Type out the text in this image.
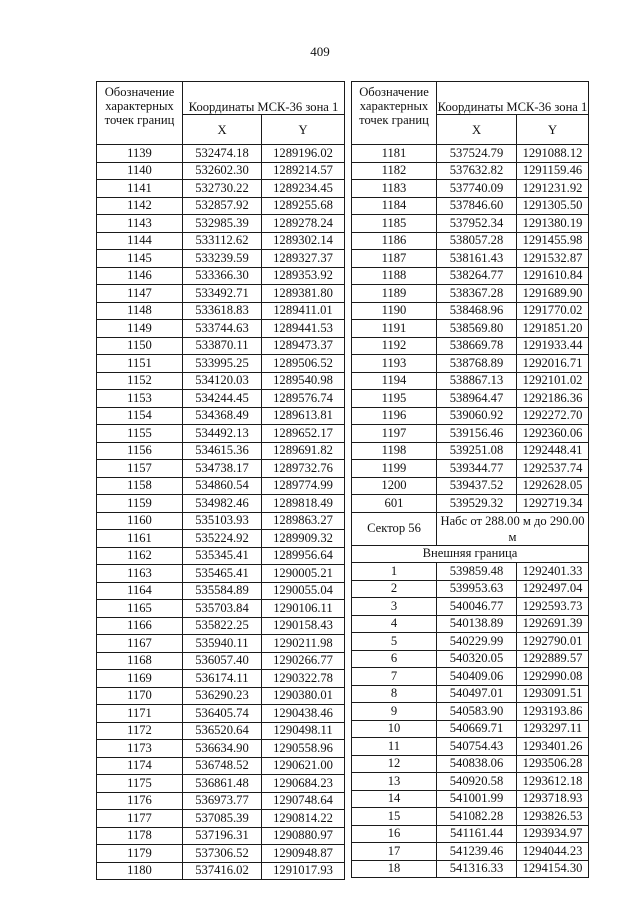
409
Обозначение характерных точек границ	Координаты МСК-36 зона 1	
	X	Y
1139	532474.18	1289196.02
1140	532602.30	1289214.57
1141	532730.22	1289234.45
1142	532857.92	1289255.68
1143	532985.39	1289278.24
1144	533112.62	1289302.14
1145	533239.59	1289327.37
1146	533366.30	1289353.92
1147	533492.71	1289381.80
1148	533618.83	1289411.01
1149	533744.63	1289441.53
1150	533870.11	1289473.37
1151	533995.25	1289506.52
1152	534120.03	1289540.98
1153	534244.45	1289576.74
1154	534368.49	1289613.81
1155	534492.13	1289652.17
1156	534615.36	1289691.82
1157	534738.17	1289732.76
1158	534860.54	1289774.99
1159	534982.46	1289818.49
1160	535103.93	1289863.27
1161	535224.92	1289909.32
1162	535345.41	1289956.64
1163	535465.41	1290005.21
1164	535584.89	1290055.04
1165	535703.84	1290106.11
1166	535822.25	1290158.43
1167	535940.11	1290211.98
1168	536057.40	1290266.77
1169	536174.11	1290322.78
1170	536290.23	1290380.01
1171	536405.74	1290438.46
1172	536520.64	1290498.11
1173	536634.90	1290558.96
1174	536748.52	1290621.00
1175	536861.48	1290684.23
1176	536973.77	1290748.64
1177	537085.39	1290814.22
1178	537196.31	1290880.97
1179	537306.52	1290948.87
1180	537416.02	1291017.93
Обозначение характерных точек границ	Координаты МСК-36 зона 1	
	X	Y
1181	537524.79	1291088.12
1182	537632.82	1291159.46
1183	537740.09	1291231.92
1184	537846.60	1291305.50
1185	537952.34	1291380.19
1186	538057.28	1291455.98
1187	538161.43	1291532.87
1188	538264.77	1291610.84
1189	538367.28	1291689.90
1190	538468.96	1291770.02
1191	538569.80	1291851.20
1192	538669.78	1291933.44
1193	538768.89	1292016.71
1194	538867.13	1292101.02
1195	538964.47	1292186.36
1196	539060.92	1292272.70
1197	539156.46	1292360.06
1198	539251.08	1292448.41
1199	539344.77	1292537.74
1200	539437.52	1292628.05
601	539529.32	1292719.34
Сектор 56	Набс от 288.00 м до 290.00 м	

Внешняя граница		
1	539859.48	1292401.33
2	539953.63	1292497.04
3	540046.77	1292593.73
4	540138.89	1292691.39
5	540229.99	1292790.01
6	540320.05	1292889.57
7	540409.06	1292990.08
8	540497.01	1293091.51
9	540583.90	1293193.86
10	540669.71	1293297.11
11	540754.43	1293401.26
12	540838.06	1293506.28
13	540920.58	1293612.18
14	541001.99	1293718.93
15	541082.28	1293826.53
16	541161.44	1293934.97
17	541239.46	1294044.23
18	541316.33	1294154.30
